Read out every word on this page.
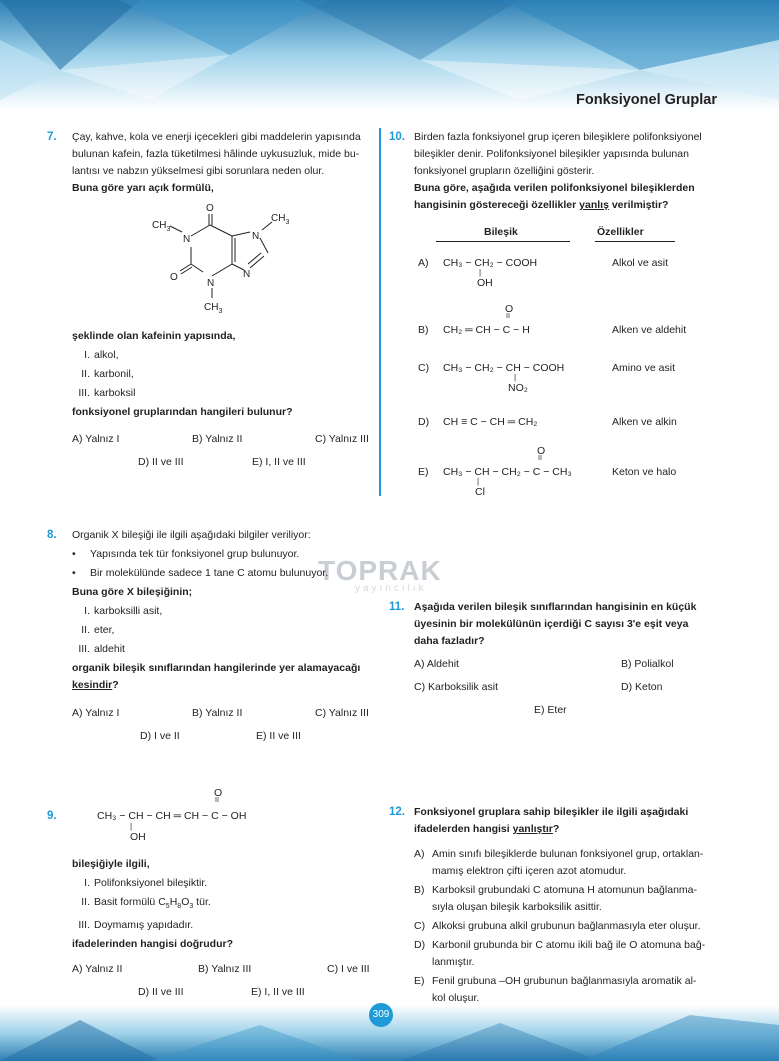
Fonksiyonel Gruplar
TOPRAK
yayıncılık
7. Çay, kahve, kola ve enerji içecekleri gibi maddelerin yapısında
bulunan kafein, fazla tüketilmesi hâlinde uykusuzluk, mide bu-
lantısı ve nabzın yükselmesi gibi sorunlara neden olur.
Buna göre yarı açık formülü,
O
O
N	N
N
N
$CH_3$
$CH_3$
$CH_3$
şeklinde olan kafeinin yapısında,
I. alkol,
II. karbonil,
III. karboksil
fonksiyonel gruplarından hangileri bulunur?
A) Yalnız I	B) Yalnız II	C) Yalnız III
D) II ve III	E) I, II ve III
8. Organik X bileşiği ile ilgili aşağıdaki bilgiler veriliyor:
• Yapısında tek tür fonksiyonel grup bulunuyor.
• Bir molekülünde sadece 1 tane C atomu bulunuyor.
Buna göre X bileşiğinin;
I. karboksilli asit,
II. eter,
III. aldehit
organik bileşik sınıflarından hangilerinde yer alamayacağı
kesindir?
A) Yalnız I	B) Yalnız II	C) Yalnız III
D) I ve II	E) II ve III
9.
O
II
CH₃ − CH − CH ═ CH − C − OH
|
OH
bileşiğiyle ilgili,
I. Polifonksiyonel bileşiktir.
II. Basit formülü $C_5H_8O_3$ tür.
III. Doymamış yapıdadır.
ifadelerinden hangisi doğrudur?
A) Yalnız II	B) Yalnız III	C) I ve III
D) II ve III	E) I, II ve III
10. Birden fazla fonksiyonel grup içeren bileşiklere polifonksiyonel
bileşikler denir. Polifonksiyonel bileşikler yapısında bulunan
fonksiyonel grupların özelliğini gösterir.
Buna göre, aşağıda verilen polifonksiyonel bileşiklerden
hangisinin göstereceği özellikler yanlış verilmiştir?
Bileşik	Özellikler
A) CH₃ − CH₂ − COOH
|
OH
Alkol ve asit
O
II
B) CH₂ ═ CH − C − H	Alken ve aldehit
C) CH₃ − CH₂ − CH − COOH
|
NO₂
Amino ve asit
D) CH ≡ C − CH ═ CH₂	Alken ve alkin
O
II
E) CH₃ − CH − CH₂ − C − CH₃
|
Cl
Keton ve halo
11. Aşağıda verilen bileşik sınıflarından hangisinin en küçük
üyesinin bir molekülünün içerdiği C sayısı 3'e eşit veya
daha fazladır?
A) Aldehit	B) Polialkol
C) Karboksilik asit	D) Keton
E) Eter
12. Fonksiyonel gruplara sahip bileşikler ile ilgili aşağıdaki
ifadelerden hangisi yanlıştır?
A) Amin sınıfı bileşiklerde bulunan fonksiyonel grup, ortaklan-
mamış elektron çifti içeren azot atomudur.
B) Karboksil grubundaki C atomuna H atomunun bağlanma-
sıyla oluşan bileşik karboksilik asittir.
C) Alkoksi grubuna alkil grubunun bağlanmasıyla eter oluşur.
D) Karbonil grubunda bir C atomu ikili bağ ile O atomuna bağ-
lanmıştır.
E) Fenil grubuna –OH grubunun bağlanmasıyla aromatik al-
kol oluşur.
309
